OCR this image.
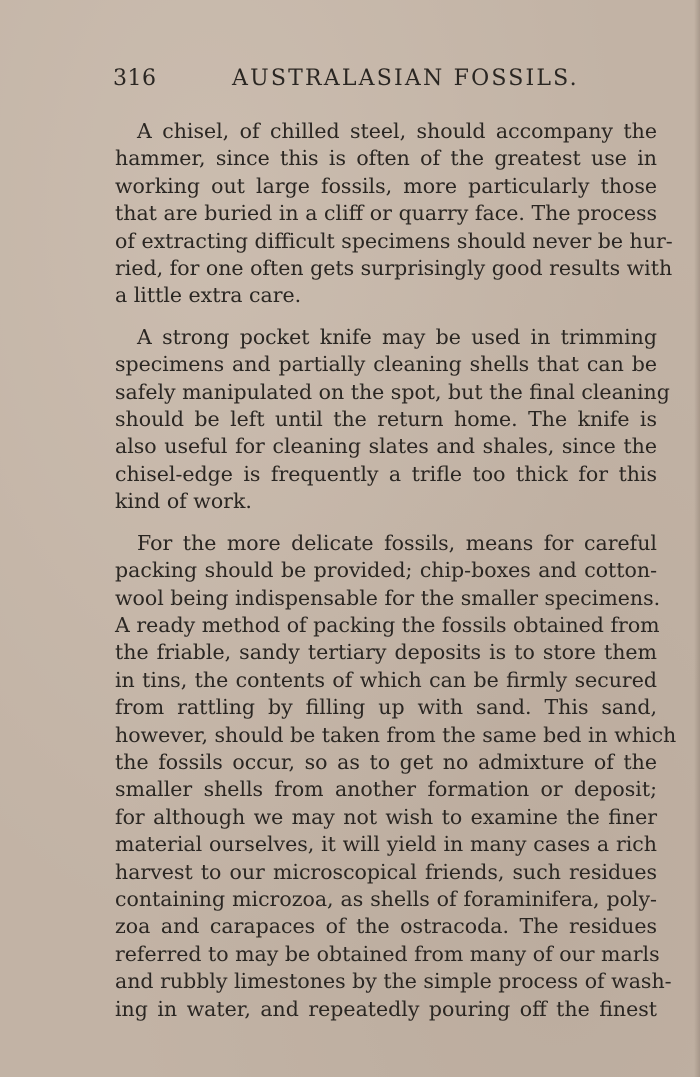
316	AUSTRALASIAN FOSSILS.

A chisel, of chilled steel, should accompany the
hammer, since this is often of the greatest use in
working out large fossils, more particularly those
that are buried in a cliff or quarry face. The process
of extracting difficult specimens should never be hur-
ried, for one often gets surprisingly good results with
a little extra care.

A strong pocket knife may be used in trimming
specimens and partially cleaning shells that can be
safely manipulated on the spot, but the final cleaning
should be left until the return home. The knife is
also useful for cleaning slates and shales, since the
chisel-edge is frequently a trifle too thick for this
kind of work.

For the more delicate fossils, means for careful
packing should be provided; chip-boxes and cotton-
wool being indispensable for the smaller specimens.
A ready method of packing the fossils obtained from
the friable, sandy tertiary deposits is to store them
in tins, the contents of which can be firmly secured
from rattling by filling up with sand. This sand,
however, should be taken from the same bed in which
the fossils occur, so as to get no admixture of the
smaller shells from another formation or deposit;
for although we may not wish to examine the finer
material ourselves, it will yield in many cases a rich
harvest to our microscopical friends, such residues
containing microzoa, as shells of foraminifera, poly-
zoa and carapaces of the ostracoda. The residues
referred to may be obtained from many of our marls
and rubbly limestones by the simple process of wash-
ing in water, and repeatedly pouring off the finest
